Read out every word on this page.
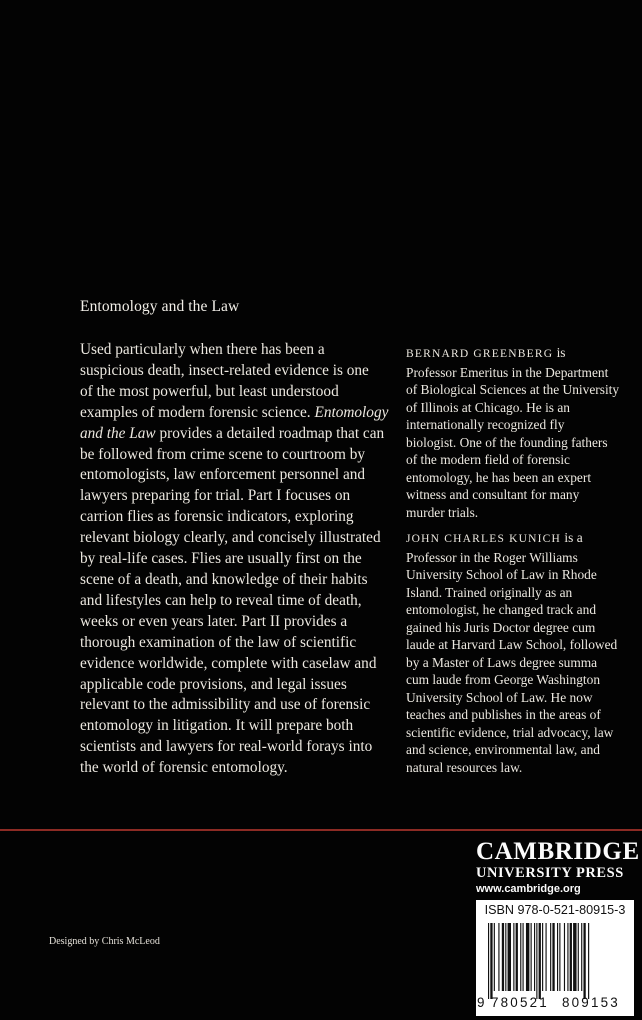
Entomology and the Law
Used particularly when there has been a
suspicious death, insect-related evidence is one
of the most powerful, but least understood
examples of modern forensic science. Entomology
and the Law provides a detailed roadmap that can
be followed from crime scene to courtroom by
entomologists, law enforcement personnel and
lawyers preparing for trial. Part I focuses on
carrion flies as forensic indicators, exploring
relevant biology clearly, and concisely illustrated
by real-life cases. Flies are usually first on the
scene of a death, and knowledge of their habits
and lifestyles can help to reveal time of death,
weeks or even years later. Part II provides a
thorough examination of the law of scientific
evidence worldwide, complete with caselaw and
applicable code provisions, and legal issues
relevant to the admissibility and use of forensic
entomology in litigation. It will prepare both
scientists and lawyers for real-world forays into
the world of forensic entomology.
BERNARD GREENBERG is
Professor Emeritus in the Department
of Biological Sciences at the University
of Illinois at Chicago. He is an
internationally recognized fly
biologist. One of the founding fathers
of the modern field of forensic
entomology, he has been an expert
witness and consultant for many
murder trials.
JOHN CHARLES KUNICH is a
Professor in the Roger Williams
University School of Law in Rhode
Island. Trained originally as an
entomologist, he changed track and
gained his Juris Doctor degree cum
laude at Harvard Law School, followed
by a Master of Laws degree summa
cum laude from George Washington
University School of Law. He now
teaches and publishes in the areas of
scientific evidence, trial advocacy, law
and science, environmental law, and
natural resources law.
CAMBRIDGE
UNIVERSITY PRESS
www.cambridge.org
Designed by Chris McLeod
ISBN 978-0-521-80915-3
9 780521 809153
